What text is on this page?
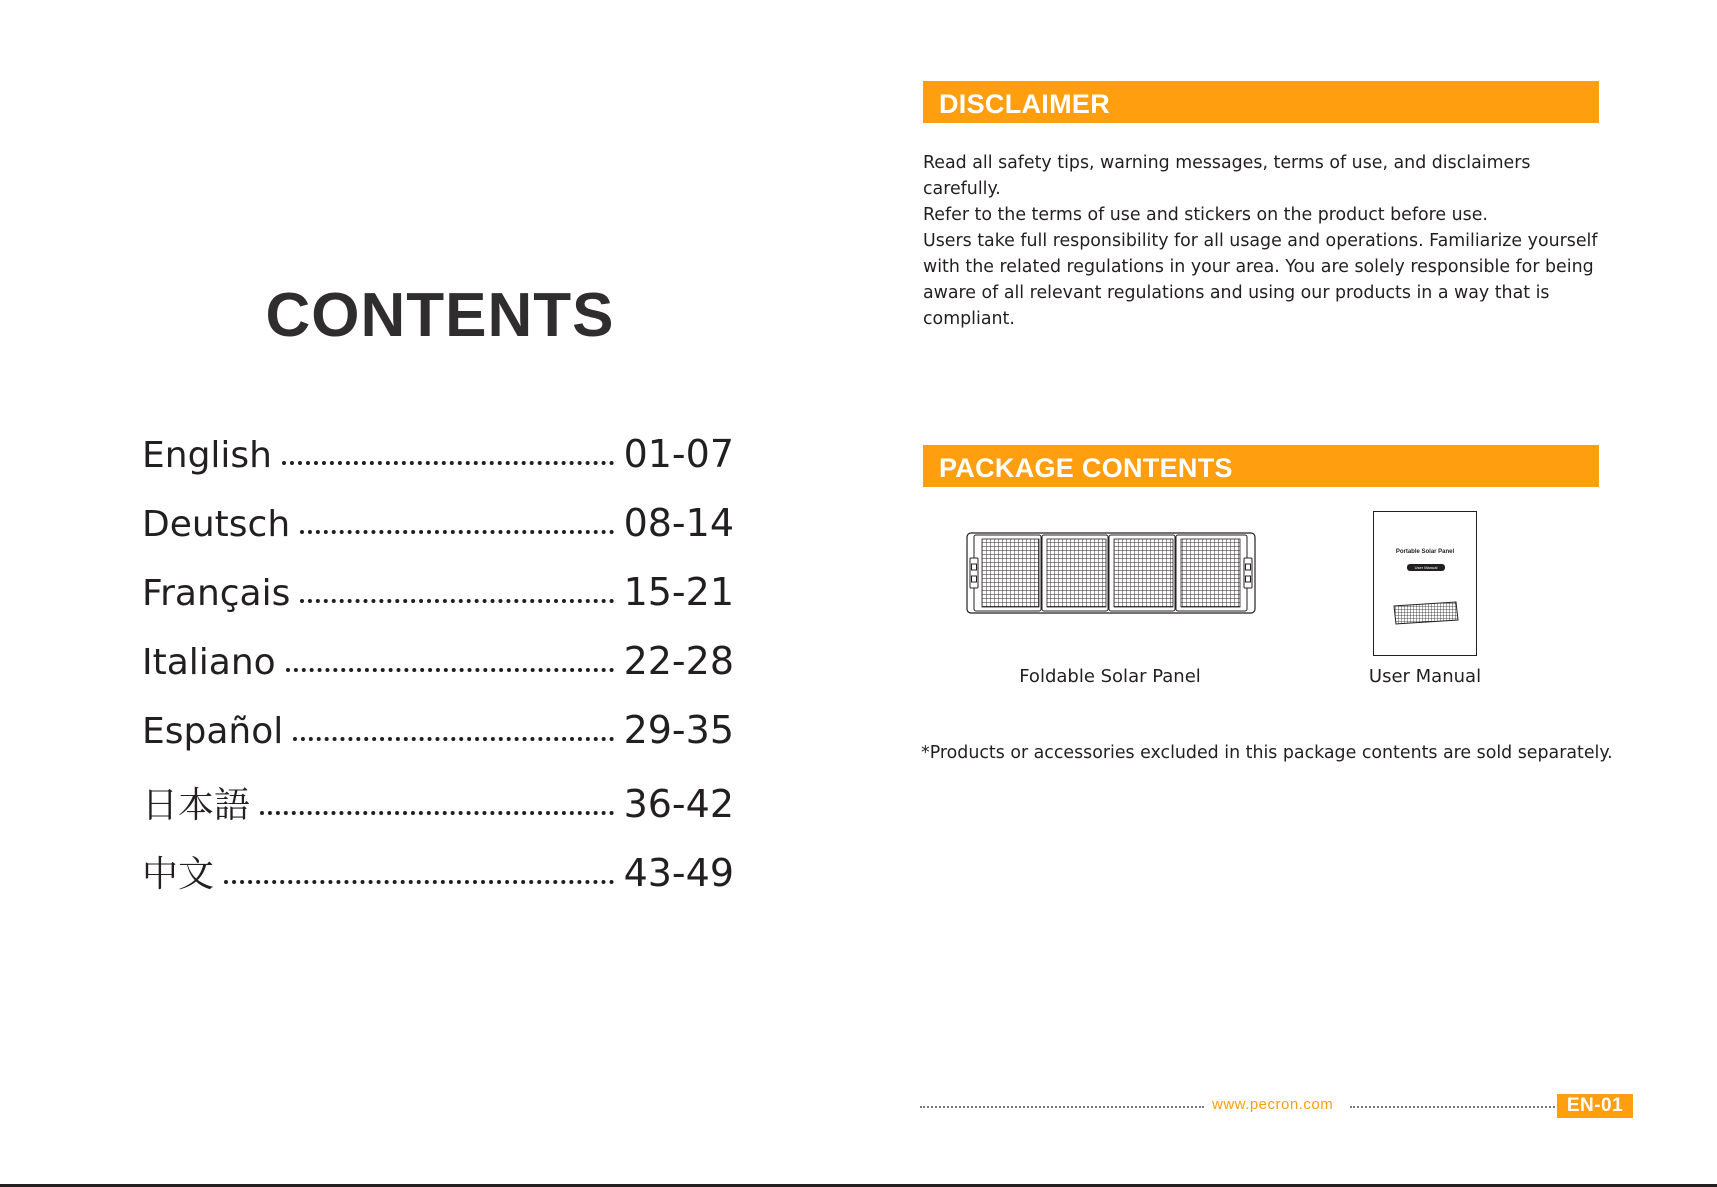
CONTENTS
English	01-07
Deutsch	08-14
Français	15-21
Italiano	22-28
Español	29-35
日本語	36-42
中文	43-49
DISCLAIMER

Read all safety tips, warning messages, terms of use, and disclaimers carefully.

Refer to the terms of use and stickers on the product before use.

Users take full responsibility for all usage and operations. Familiarize yourself

with the related regulations in your area. You are solely responsible for being

aware of all relevant regulations and using our products in a way that is

compliant.

PACKAGE CONTENTS
Portable Solar Panel
User Manual
Foldable Solar Panel	User Manual
*Products or accessories excluded in this package contents are sold separately.
www.pecron.com	EN-01
